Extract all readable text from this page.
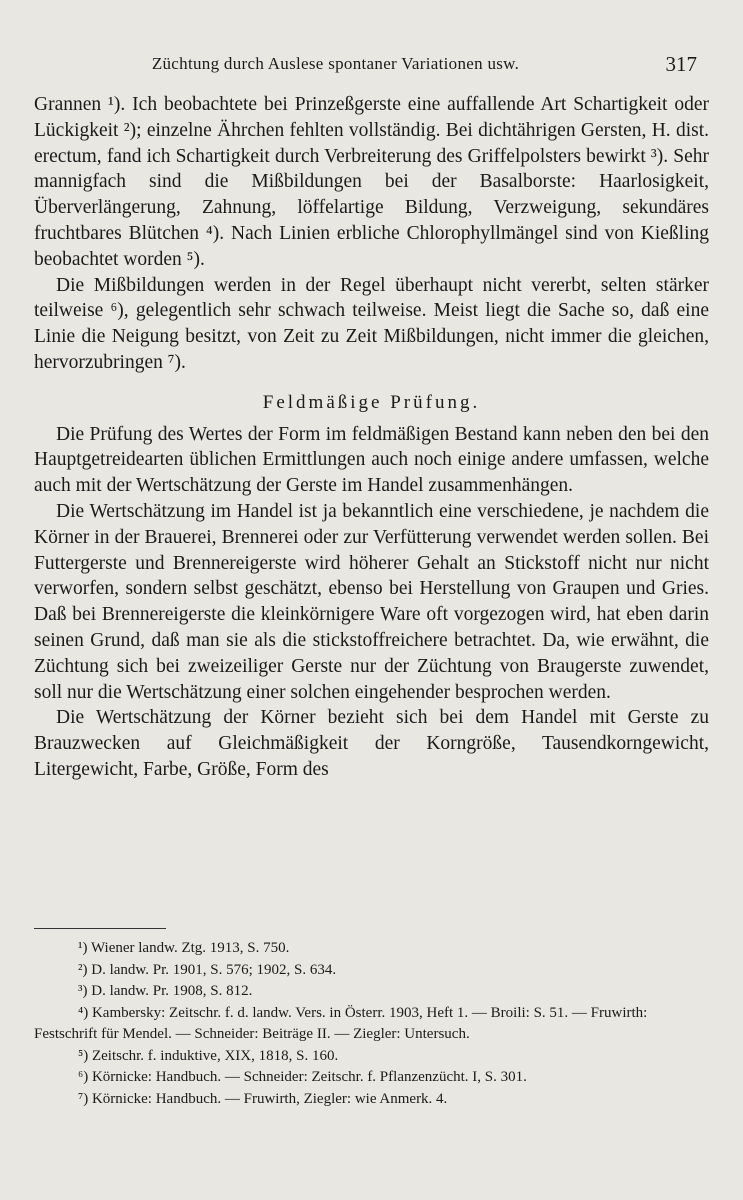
Züchtung durch Auslese spontaner Variationen usw.	317

Grannen ¹). Ich beobachtete bei Prinzeßgerste eine auffallende Art Schartigkeit oder Lückigkeit ²); einzelne Ährchen fehlten vollständig. Bei dichtährigen Gersten, H. dist. erectum, fand ich Schartigkeit durch Verbreiterung des Griffelpolsters bewirkt ³). Sehr mannigfach sind die Mißbildungen bei der Basalborste: Haarlosigkeit, Überverlängerung, Zahnung, löffelartige Bildung, Verzweigung, sekundäres fruchtbares Blütchen ⁴). Nach Linien erbliche Chlorophyllmängel sind von Kießling beobachtet worden ⁵).

Die Mißbildungen werden in der Regel überhaupt nicht vererbt, selten stärker teilweise ⁶), gelegentlich sehr schwach teilweise. Meist liegt die Sache so, daß eine Linie die Neigung besitzt, von Zeit zu Zeit Mißbildungen, nicht immer die gleichen, hervorzubringen ⁷).

Feldmäßige Prüfung.

Die Prüfung des Wertes der Form im feldmäßigen Bestand kann neben den bei den Hauptgetreidearten üblichen Ermittlungen auch noch einige andere umfassen, welche auch mit der Wertschätzung der Gerste im Handel zusammenhängen.

Die Wertschätzung im Handel ist ja bekanntlich eine verschiedene, je nachdem die Körner in der Brauerei, Brennerei oder zur Verfütterung verwendet werden sollen. Bei Futtergerste und Brennereigerste wird höherer Gehalt an Stickstoff nicht nur nicht verworfen, sondern selbst geschätzt, ebenso bei Herstellung von Graupen und Gries. Daß bei Brennereigerste die kleinkörnigere Ware oft vorgezogen wird, hat eben darin seinen Grund, daß man sie als die stickstoffreichere betrachtet. Da, wie erwähnt, die Züchtung sich bei zweizeiliger Gerste nur der Züchtung von Braugerste zuwendet, soll nur die Wertschätzung einer solchen eingehender besprochen werden.

Die Wertschätzung der Körner bezieht sich bei dem Handel mit Gerste zu Brauzwecken auf Gleichmäßigkeit der Korngröße, Tausendkorngewicht, Litergewicht, Farbe, Größe, Form des

¹) Wiener landw. Ztg. 1913, S. 750.

²) D. landw. Pr. 1901, S. 576; 1902, S. 634.

³) D. landw. Pr. 1908, S. 812.

⁴) Kambersky: Zeitschr. f. d. landw. Vers. in Österr. 1903, Heft 1. — Broili: S. 51. — Fruwirth: Festschrift für Mendel. — Schneider: Beiträge II. — Ziegler: Untersuch.

⁵) Zeitschr. f. induktive, XIX, 1818, S. 160.

⁶) Körnicke: Handbuch. — Schneider: Zeitschr. f. Pflanzenzücht. I, S. 301.

⁷) Körnicke: Handbuch. — Fruwirth, Ziegler: wie Anmerk. 4.
